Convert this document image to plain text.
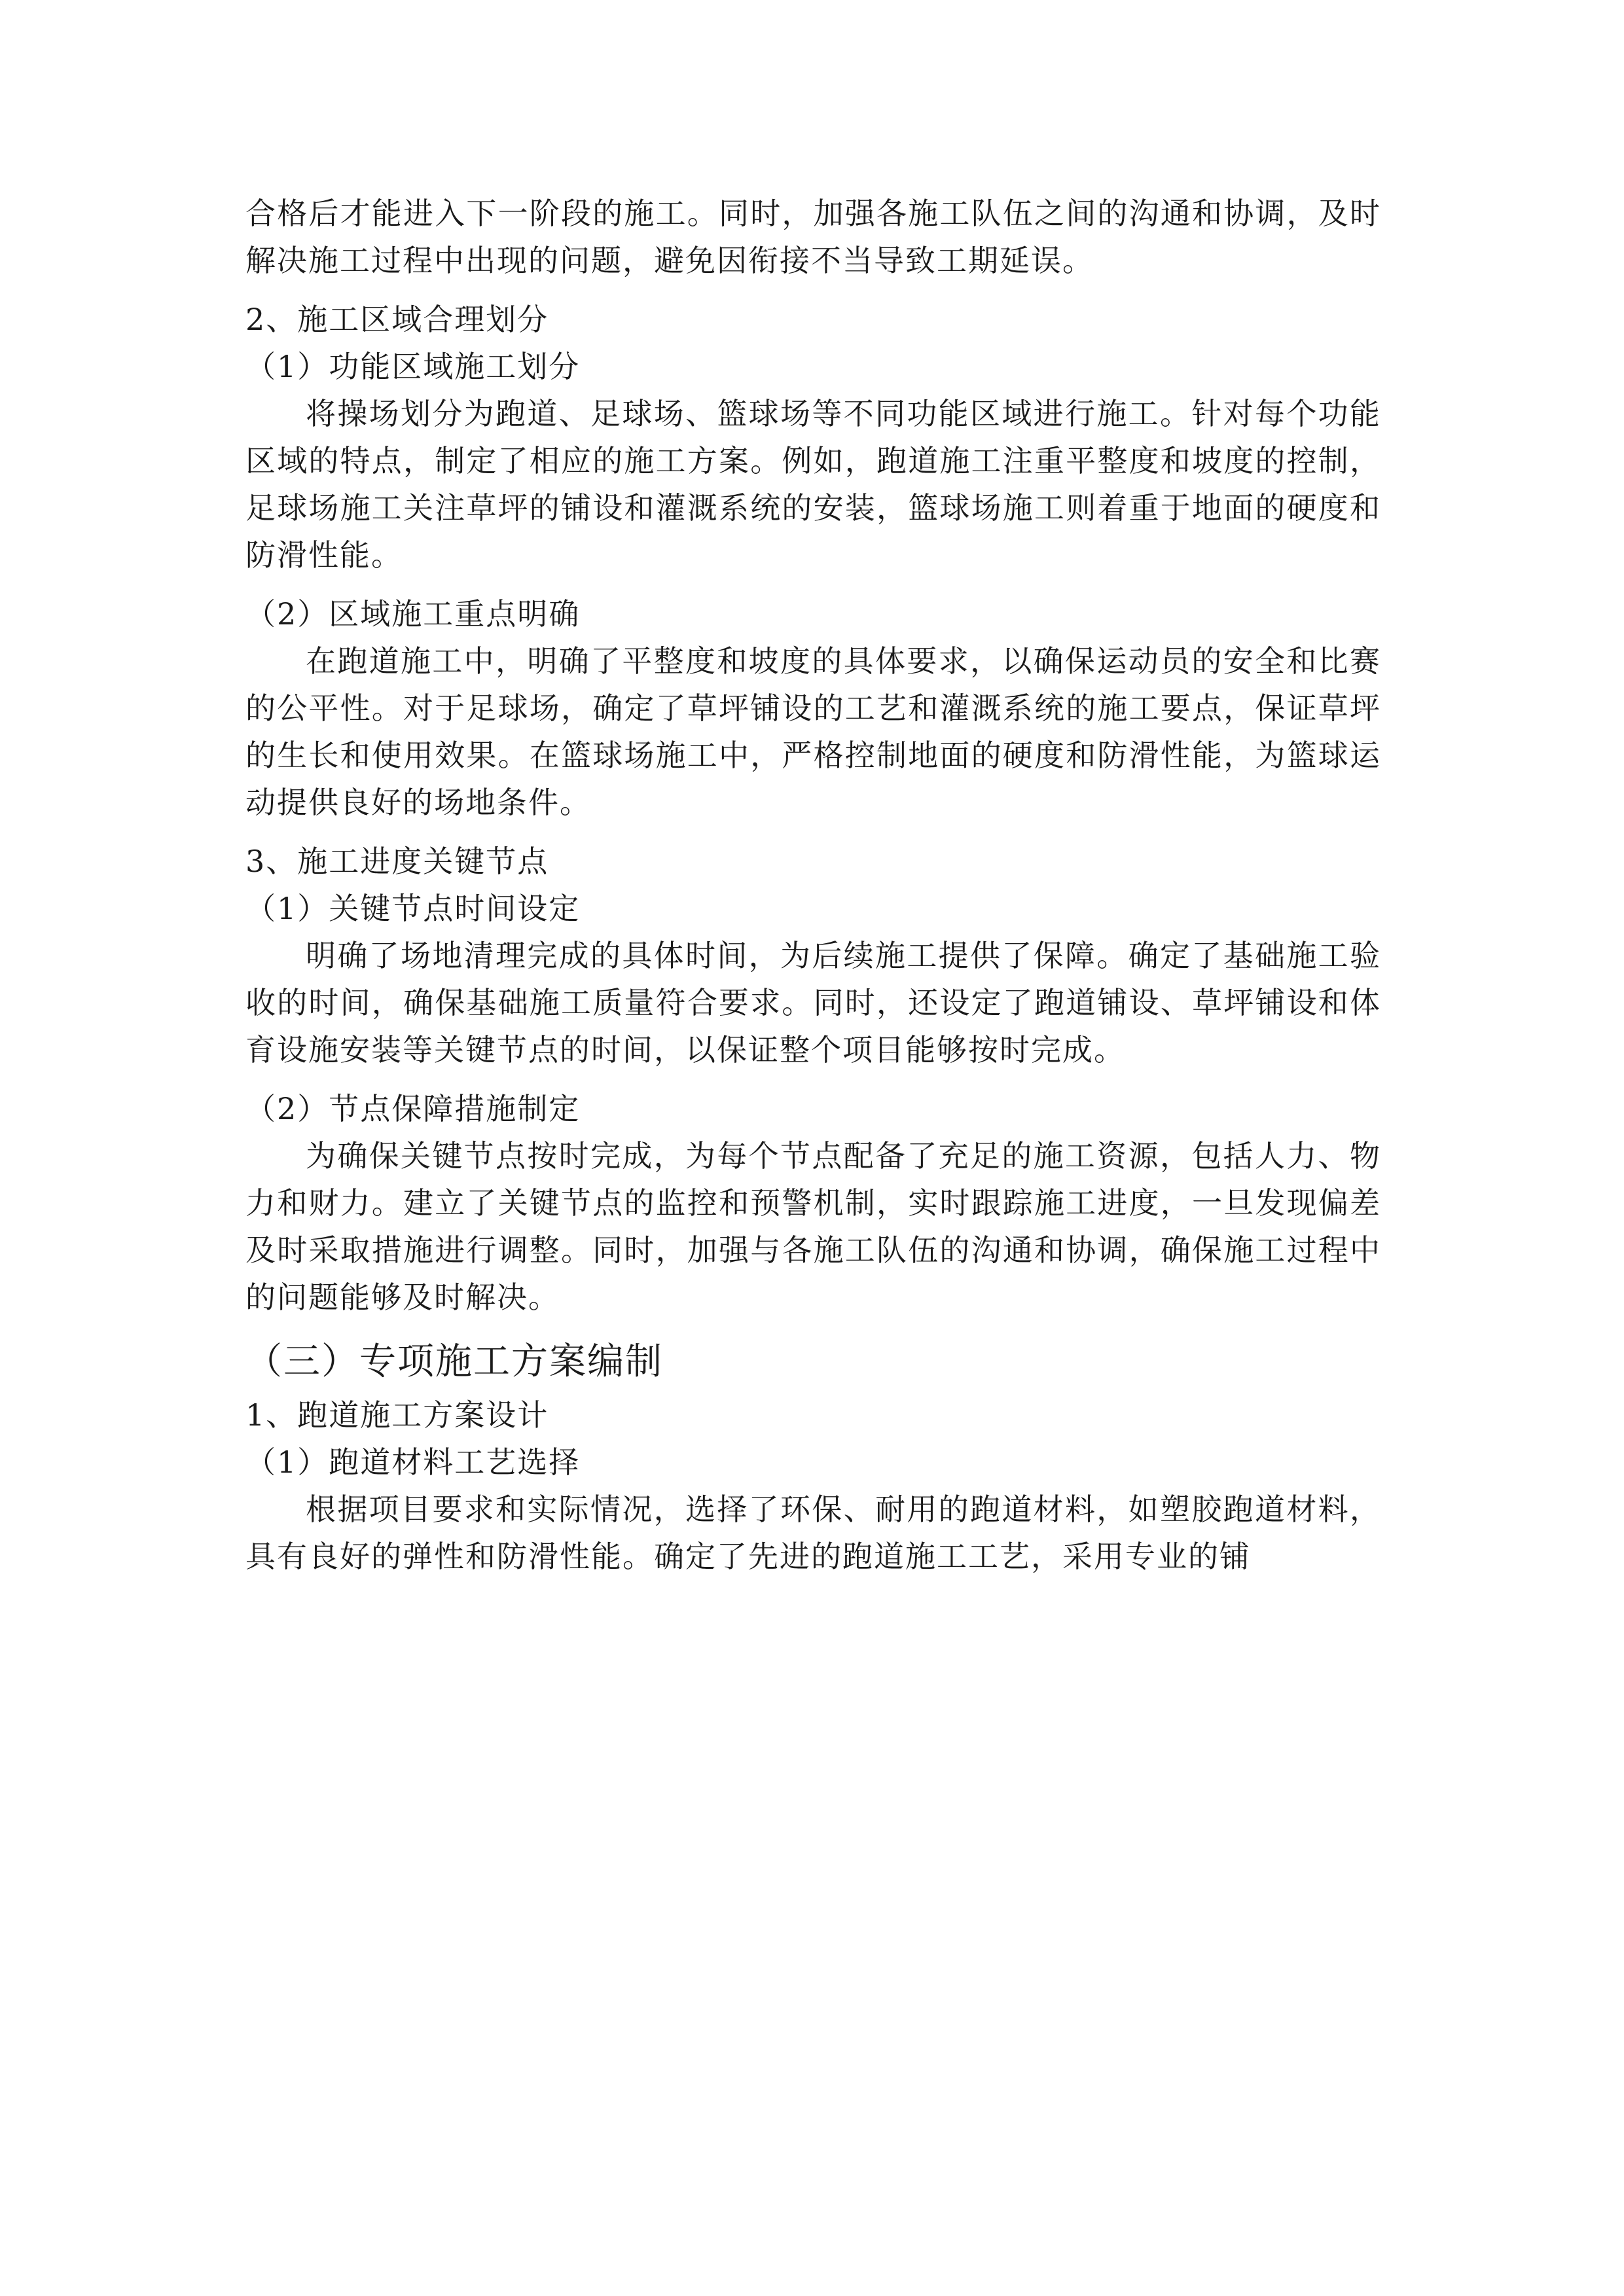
合格后才能进入下一阶段的施工。同时，加强各施工队伍之间的沟通和协调，及时解决施工过程中出现的问题，避免因衔接不当导致工期延误。
2、施工区域合理划分
（1）功能区域施工划分
将操场划分为跑道、足球场、篮球场等不同功能区域进行施工。针对每个功能区域的特点，制定了相应的施工方案。例如，跑道施工注重平整度和坡度的控制，足球场施工关注草坪的铺设和灌溉系统的安装，篮球场施工则着重于地面的硬度和防滑性能。
（2）区域施工重点明确
在跑道施工中，明确了平整度和坡度的具体要求，以确保运动员的安全和比赛的公平性。对于足球场，确定了草坪铺设的工艺和灌溉系统的施工要点，保证草坪的生长和使用效果。在篮球场施工中，严格控制地面的硬度和防滑性能，为篮球运动提供良好的场地条件。
3、施工进度关键节点
（1）关键节点时间设定
明确了场地清理完成的具体时间，为后续施工提供了保障。确定了基础施工验收的时间，确保基础施工质量符合要求。同时，还设定了跑道铺设、草坪铺设和体育设施安装等关键节点的时间，以保证整个项目能够按时完成。
（2）节点保障措施制定
为确保关键节点按时完成，为每个节点配备了充足的施工资源，包括人力、物力和财力。建立了关键节点的监控和预警机制，实时跟踪施工进度，一旦发现偏差及时采取措施进行调整。同时，加强与各施工队伍的沟通和协调，确保施工过程中的问题能够及时解决。
（三）专项施工方案编制
1、跑道施工方案设计
（1）跑道材料工艺选择
根据项目要求和实际情况，选择了环保、耐用的跑道材料，如塑胶跑道材料，具有良好的弹性和防滑性能。确定了先进的跑道施工工艺，采用专业的铺
